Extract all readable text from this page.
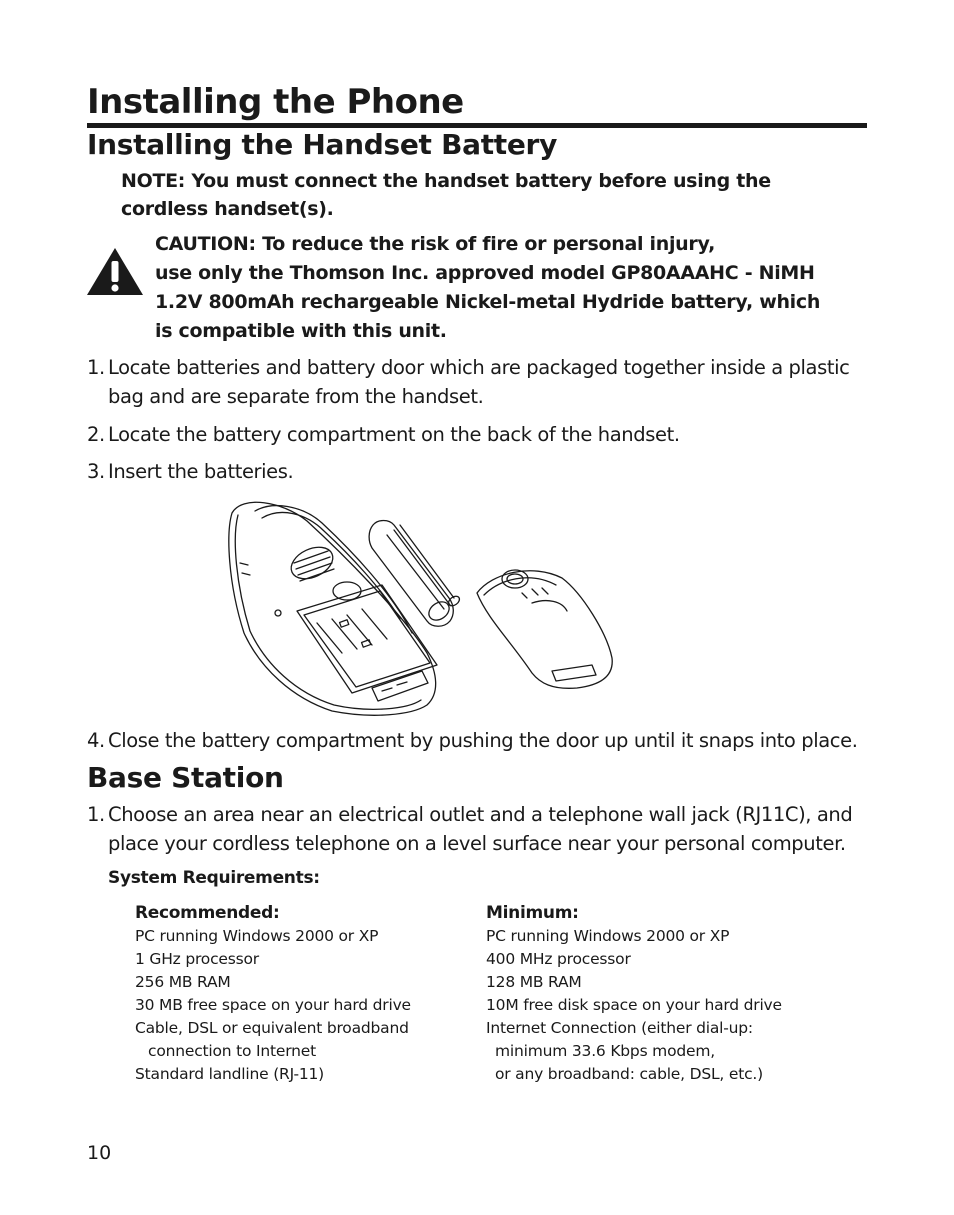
Installing the Phone
Installing the Handset Battery
NOTE: You must connect the handset battery before using the
cordless handset(s).
CAUTION: To reduce the risk of fire or personal injury,
use only the Thomson Inc. approved model GP80AAAHC - NiMH
1.2V 800mAh rechargeable Nickel-metal Hydride battery, which
is compatible with this unit.
1. Locate batteries and battery door which are packaged together inside a plastic
bag and are separate from the handset.
2. Locate the battery compartment on the back of the handset.
3. Insert the batteries.
4. Close the battery compartment by pushing the door up until it snaps into place.
Base Station
1. Choose an area near an electrical outlet and a telephone wall jack (RJ11C), and
place your cordless telephone on a level surface near your personal computer.
System Requirements:
Recommended:
PC running Windows 2000 or XP
1 GHz processor
256 MB RAM
30 MB free space on your hard drive
Cable, DSL or equivalent broadband
connection to Internet
Standard landline (RJ-11)
Minimum:
PC running Windows 2000 or XP
400 MHz processor
128 MB RAM
10M free disk space on your hard drive
Internet Connection (either dial-up:
minimum 33.6 Kbps modem,
or any broadband: cable, DSL, etc.)
10
